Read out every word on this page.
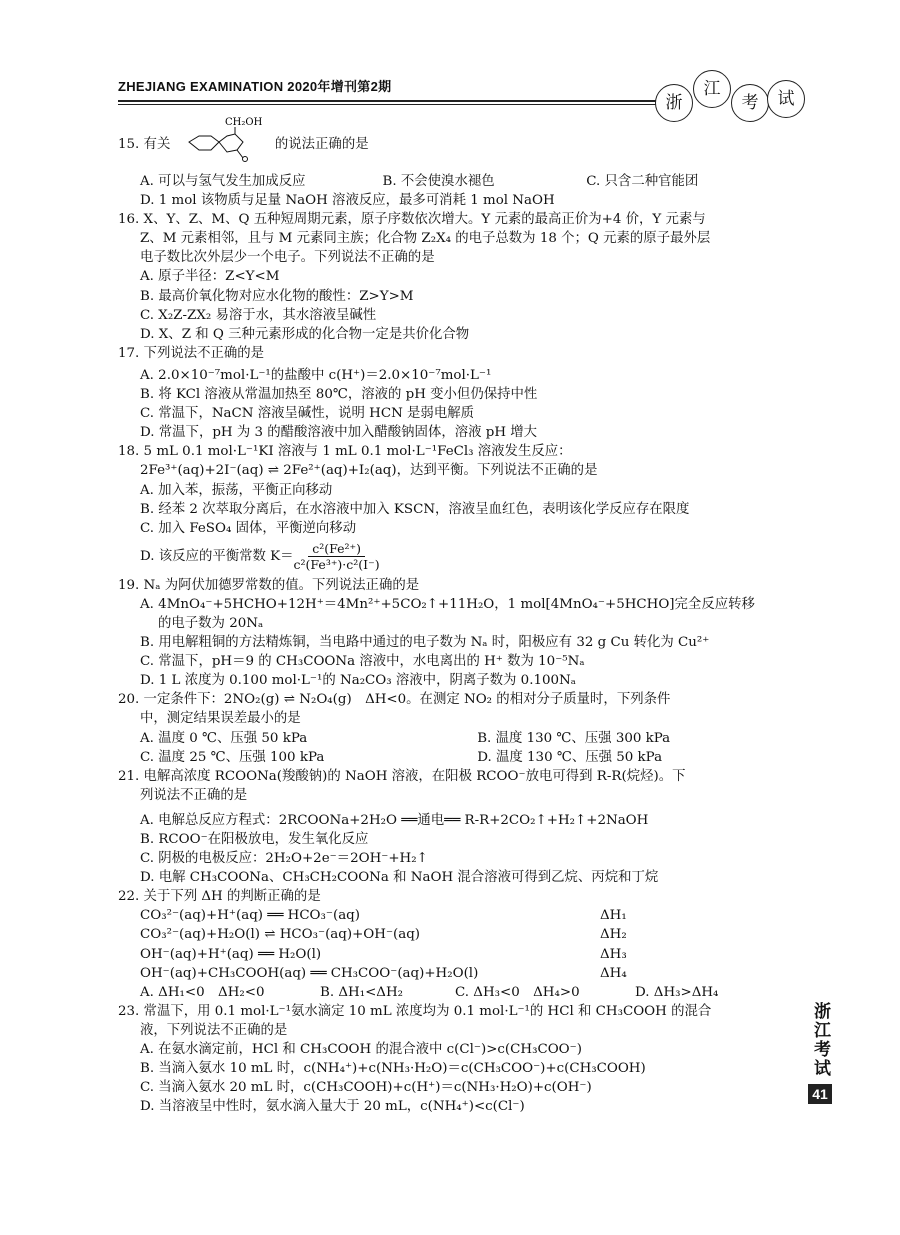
ZHEJIANG EXAMINATION 2020年增刊第2期
浙
江
考	试
15. 有关
CH₂OH
的说法正确的是
A. 可以与氢气发生加成反应	B. 不会使溴水褪色	C. 只含二种官能团
D. 1 mol 该物质与足量 NaOH 溶液反应，最多可消耗 1 mol NaOH
16. X、Y、Z、M、Q 五种短周期元素，原子序数依次增大。Y 元素的最高正价为+4 价，Y 元素与
Z、M 元素相邻，且与 M 元素同主族；化合物 Z₂X₄ 的电子总数为 18 个；Q 元素的原子最外层
电子数比次外层少一个电子。下列说法不正确的是
A. 原子半径：Z<Y<M
B. 最高价氧化物对应水化物的酸性：Z>Y>M
C. X₂Z-ZX₂ 易溶于水，其水溶液呈碱性
D. X、Z 和 Q 三种元素形成的化合物一定是共价化合物
17. 下列说法不正确的是
A. 2.0×10⁻⁷mol·L⁻¹的盐酸中 c(H⁺)＝2.0×10⁻⁷mol·L⁻¹
B. 将 KCl 溶液从常温加热至 80℃，溶液的 pH 变小但仍保持中性
C. 常温下，NaCN 溶液呈碱性，说明 HCN 是弱电解质
D. 常温下，pH 为 3 的醋酸溶液中加入醋酸钠固体，溶液 pH 增大
18. 5 mL 0.1 mol·L⁻¹KI 溶液与 1 mL 0.1 mol·L⁻¹FeCl₃ 溶液发生反应：
2Fe³⁺(aq)+2I⁻(aq) ⇌ 2Fe²⁺(aq)+I₂(aq)，达到平衡。下列说法不正确的是
A. 加入苯，振荡，平衡正向移动
B. 经苯 2 次萃取分离后，在水溶液中加入 KSCN，溶液呈血红色，表明该化学反应存在限度
C. 加入 FeSO₄ 固体，平衡逆向移动
D. 该反应的平衡常数 $K= \frac{\text{c²(Fe²⁺)}}{\text{c²(Fe³⁺)·c²(I⁻)}}$
19. Nₐ 为阿伏加德罗常数的值。下列说法正确的是
A. 4MnO₄⁻+5HCHO+12H⁺＝4Mn²⁺+5CO₂↑+11H₂O，1 mol[4MnO₄⁻+5HCHO]完全反应转移
的电子数为 20Nₐ
B. 用电解粗铜的方法精炼铜，当电路中通过的电子数为 Nₐ 时，阳极应有 32 g Cu 转化为 Cu²⁺
C. 常温下，pH＝9 的 CH₃COONa 溶液中，水电离出的 H⁺ 数为 10⁻⁵Nₐ
D. 1 L 浓度为 0.100 mol·L⁻¹的 Na₂CO₃ 溶液中，阴离子数为 0.100Nₐ
20. 一定条件下：2NO₂(g) ⇌ N₂O₄(g)　ΔH<0。在测定 NO₂ 的相对分子质量时，下列条件
中，测定结果误差最小的是
A. 温度 0 ℃、压强 50 kPa	B. 温度 130 ℃、压强 300 kPa
C. 温度 25 ℃、压强 100 kPa	D. 温度 130 ℃、压强 50 kPa
21. 电解高浓度 RCOONa(羧酸钠)的 NaOH 溶液，在阳极 RCOO⁻放电可得到 R-R(烷烃)。下
列说法不正确的是
A. 电解总反应方程式：2RCOONa+2H₂O ══通电══ R-R+2CO₂↑+H₂↑+2NaOH
B. RCOO⁻在阳极放电，发生氧化反应
C. 阴极的电极反应：2H₂O+2e⁻＝2OH⁻+H₂↑
D. 电解 CH₃COONa、CH₃CH₂COONa 和 NaOH 混合溶液可得到乙烷、丙烷和丁烷
22. 关于下列 ΔH 的判断正确的是
CO₃²⁻(aq)+H⁺(aq) ══ HCO₃⁻(aq)	ΔH₁
CO₃²⁻(aq)+H₂O(l) ⇌ HCO₃⁻(aq)+OH⁻(aq)	ΔH₂
OH⁻(aq)+H⁺(aq) ══ H₂O(l)	ΔH₃
OH⁻(aq)+CH₃COOH(aq) ══ CH₃COO⁻(aq)+H₂O(l)	ΔH₄
A. ΔH₁<0　ΔH₂<0	B. ΔH₁<ΔH₂	C. ΔH₃<0　ΔH₄>0	D. ΔH₃>ΔH₄
23. 常温下，用 0.1 mol·L⁻¹氨水滴定 10 mL 浓度均为 0.1 mol·L⁻¹的 HCl 和 CH₃COOH 的混合
液，下列说法不正确的是
A. 在氨水滴定前，HCl 和 CH₃COOH 的混合液中 c(Cl⁻)>c(CH₃COO⁻)
B. 当滴入氨水 10 mL 时，c(NH₄⁺)+c(NH₃·H₂O)＝c(CH₃COO⁻)+c(CH₃COOH)
C. 当滴入氨水 20 mL 时，c(CH₃COOH)+c(H⁺)＝c(NH₃·H₂O)+c(OH⁻)
D. 当溶液呈中性时，氨水滴入量大于 20 mL，c(NH₄⁺)<c(Cl⁻)
浙江考试
41
